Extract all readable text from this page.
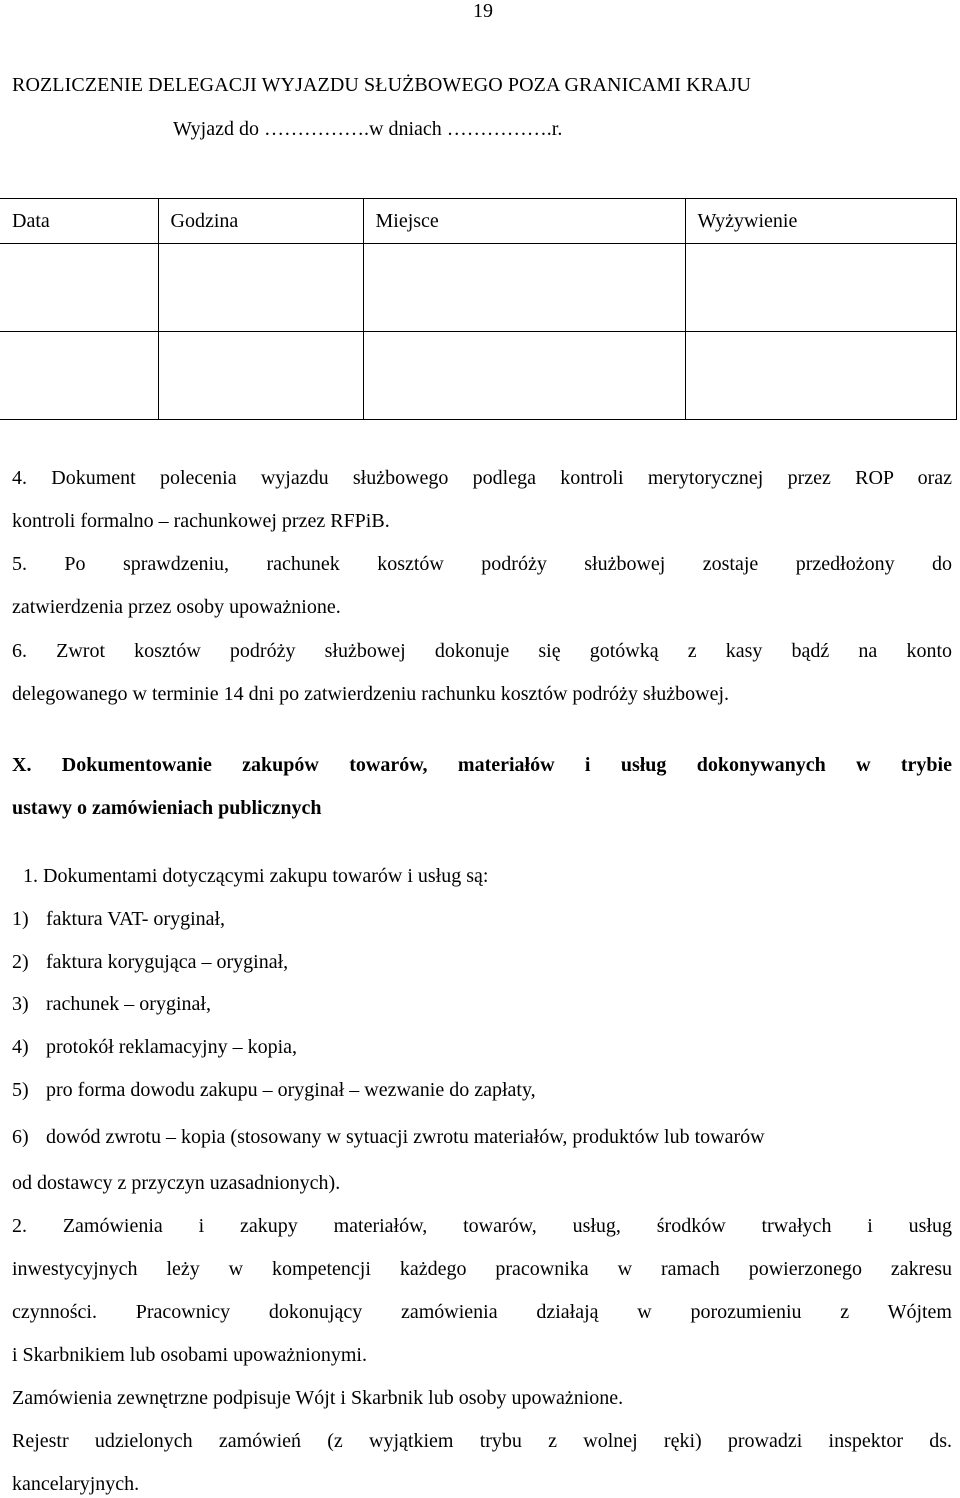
19
ROZLICZENIE DELEGACJI WYJAZDU SŁUŻBOWEGO POZA GRANICAMI KRAJU
Wyjazd do …………….w dniach …………….r.
Data	Godzina	Miejsce	Wyżywienie

4. Dokument polecenia wyjazdu służbowego podlega kontroli merytorycznej przez ROP oraz
kontroli formalno – rachunkowej przez RFPiB.
5. Po sprawdzeniu, rachunek kosztów podróży służbowej zostaje przedłożony do
zatwierdzenia przez osoby upoważnione.
6. Zwrot kosztów podróży służbowej dokonuje się gotówką z kasy bądź na konto
delegowanego w terminie 14 dni po zatwierdzeniu rachunku kosztów podróży służbowej.
X. Dokumentowanie zakupów towarów, materiałów i usług dokonywanych w trybie
ustawy o zamówieniach publicznych
1. Dokumentami dotyczącymi zakupu towarów i usług są:
1) faktura VAT- oryginał,
2) faktura korygująca – oryginał,
3) rachunek – oryginał,
4) protokół reklamacyjny – kopia,
5) pro forma dowodu zakupu – oryginał – wezwanie do zapłaty,
6) dowód zwrotu – kopia (stosowany w sytuacji zwrotu materiałów, produktów lub towarów
od dostawcy z przyczyn uzasadnionych).
2. Zamówienia i zakupy materiałów, towarów, usług, środków trwałych i usług
inwestycyjnych leży w kompetencji każdego pracownika w ramach powierzonego zakresu
czynności. Pracownicy dokonujący zamówienia działają w porozumieniu z Wójtem
i Skarbnikiem lub osobami upoważnionymi.
Zamówienia zewnętrzne podpisuje Wójt i Skarbnik lub osoby upoważnione.
Rejestr udzielonych zamówień (z wyjątkiem trybu z wolnej ręki) prowadzi inspektor ds.
kancelaryjnych.
